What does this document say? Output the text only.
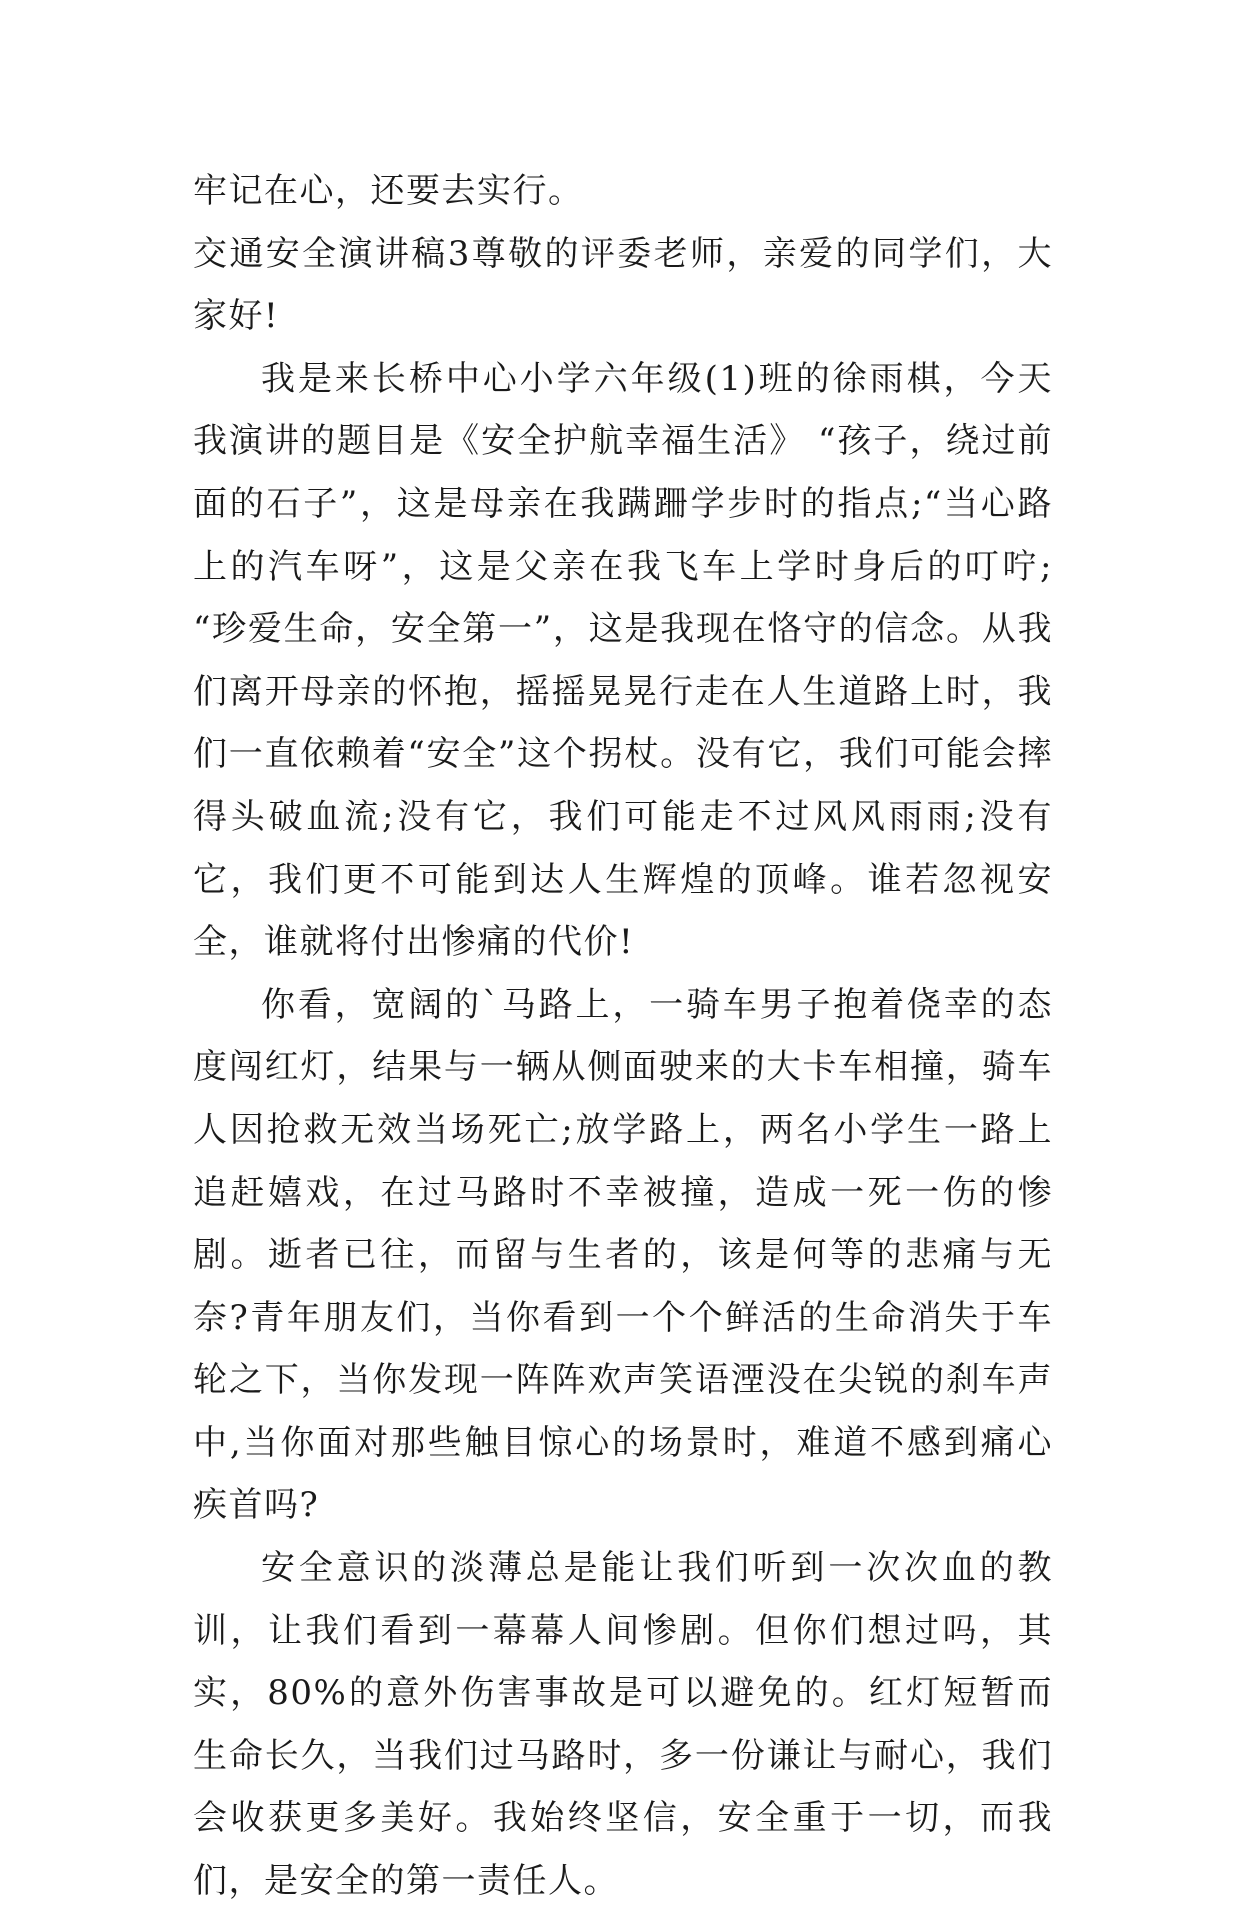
牢记在心，还要去实行。

交通安全演讲稿3尊敬的评委老师，亲爱的同学们，大家好!

我是来长桥中心小学六年级(1)班的徐雨棋，今天我演讲的题目是《安全护航幸福生活》 “孩子，绕过前面的石子”，这是母亲在我蹒跚学步时的指点;“当心路上的汽车呀”，这是父亲在我飞车上学时身后的叮咛; “珍爱生命，安全第一”，这是我现在恪守的信念。从我们离开母亲的怀抱，摇摇晃晃行走在人生道路上时，我们一直依赖着“安全”这个拐杖。没有它，我们可能会摔得头破血流;没有它，我们可能走不过风风雨雨;没有它，我们更不可能到达人生辉煌的顶峰。谁若忽视安全，谁就将付出惨痛的代价!

你看，宽阔的`马路上，一骑车男子抱着侥幸的态度闯红灯，结果与一辆从侧面驶来的大卡车相撞，骑车人因抢救无效当场死亡;放学路上，两名小学生一路上追赶嬉戏，在过马路时不幸被撞，造成一死一伤的惨剧。逝者已往，而留与生者的，该是何等的悲痛与无奈?青年朋友们，当你看到一个个鲜活的生命消失于车轮之下，当你发现一阵阵欢声笑语湮没在尖锐的刹车声中,当你面对那些触目惊心的场景时，难道不感到痛心疾首吗?

安全意识的淡薄总是能让我们听到一次次血的教训，让我们看到一幕幕人间惨剧。但你们想过吗，其实，80%的意外伤害事故是可以避免的。红灯短暂而生命长久，当我们过马路时，多一份谦让与耐心，我们会收获更多美好。我始终坚信，安全重于一切，而我们，是安全的第一责任人。
